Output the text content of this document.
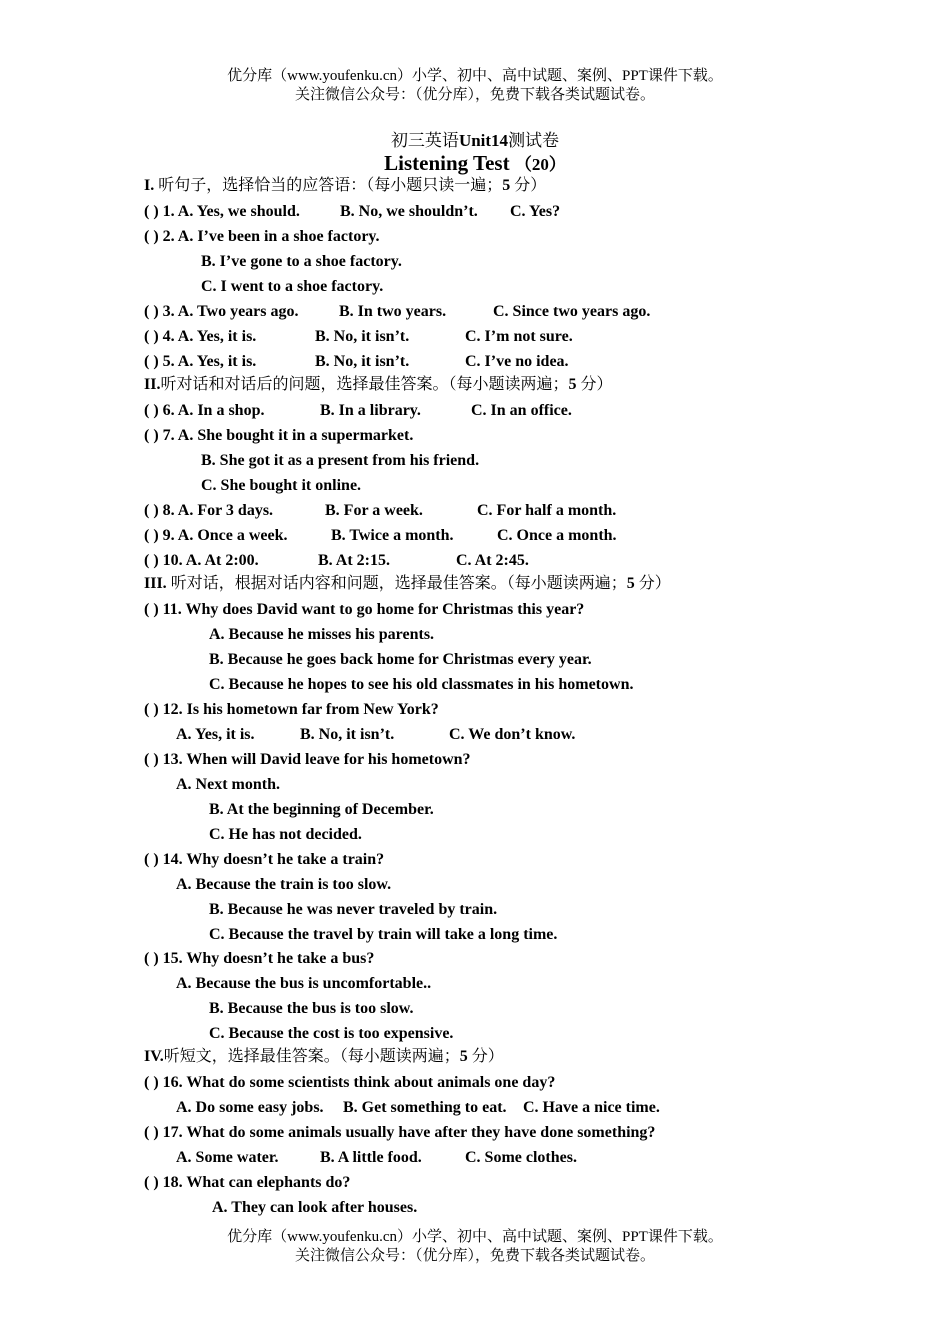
优分库（www.youfenku.cn）小学、初中、高中试题、案例、PPT课件下载。
关注微信公众号：（优分库），免费下载各类试题试卷。
初三英语Unit14测试卷
Listening Test （20）
I. 听句子，选择恰当的应答语：（每小题只读一遍；5 分）
( ) 1. A. Yes, we should.	B. No, we shouldn’t. C. Yes?
( ) 2. A. I’ve been in a shoe factory.
B. I’ve gone to a shoe factory.
C. I went to a shoe factory.
( ) 3. A. Two years ago.	B. In two years.	C. Since two years ago.
( ) 4. A. Yes, it is.	B. No, it isn’t.	C. I’m not sure.
( ) 5. A. Yes, it is.	B. No, it isn’t.	C. I’ve no idea.
II.听对话和对话后的问题，选择最佳答案。（每小题读两遍；5 分）
( ) 6. A. In a shop.	B. In a library.	C. In an office.
( ) 7. A. She bought it in a supermarket.
B. She got it as a present from his friend.
C. She bought it online.
( ) 8. A. For 3 days.	B. For a week.	C. For half a month.
( ) 9. A. Once a week.	B. Twice a month.	C. Once a month.
( ) 10. A. At 2:00.	B. At 2:15.	C. At 2:45.
III. 听对话，根据对话内容和问题，选择最佳答案。（每小题读两遍；5 分）
( ) 11. Why does David want to go home for Christmas this year?
A. Because he misses his parents.
B. Because he goes back home for Christmas every year.
C. Because he hopes to see his old classmates in his hometown.
( ) 12. Is his hometown far from New York?
A. Yes, it is.	B. No, it isn’t.	C. We don’t know.
( ) 13. When will David leave for his hometown?
A. Next month.
B. At the beginning of December.
C. He has not decided.
( ) 14. Why doesn’t he take a train?
A. Because the train is too slow.
B. Because he was never traveled by train.
C. Because the travel by train will take a long time.
( ) 15. Why doesn’t he take a bus?
A. Because the bus is uncomfortable..
B. Because the bus is too slow.
C. Because the cost is too expensive.
IV.听短文，选择最佳答案。（每小题读两遍；5 分）
( ) 16. What do some scientists think about animals one day?
A. Do some easy jobs. B. Get something to eat. C. Have a nice time.
( ) 17. What do some animals usually have after they have done something?
A. Some water.	B. A little food.	C. Some clothes.
( ) 18. What can elephants do?
A. They can look after houses.
优分库（www.youfenku.cn）小学、初中、高中试题、案例、PPT课件下载。
关注微信公众号：（优分库），免费下载各类试题试卷。
